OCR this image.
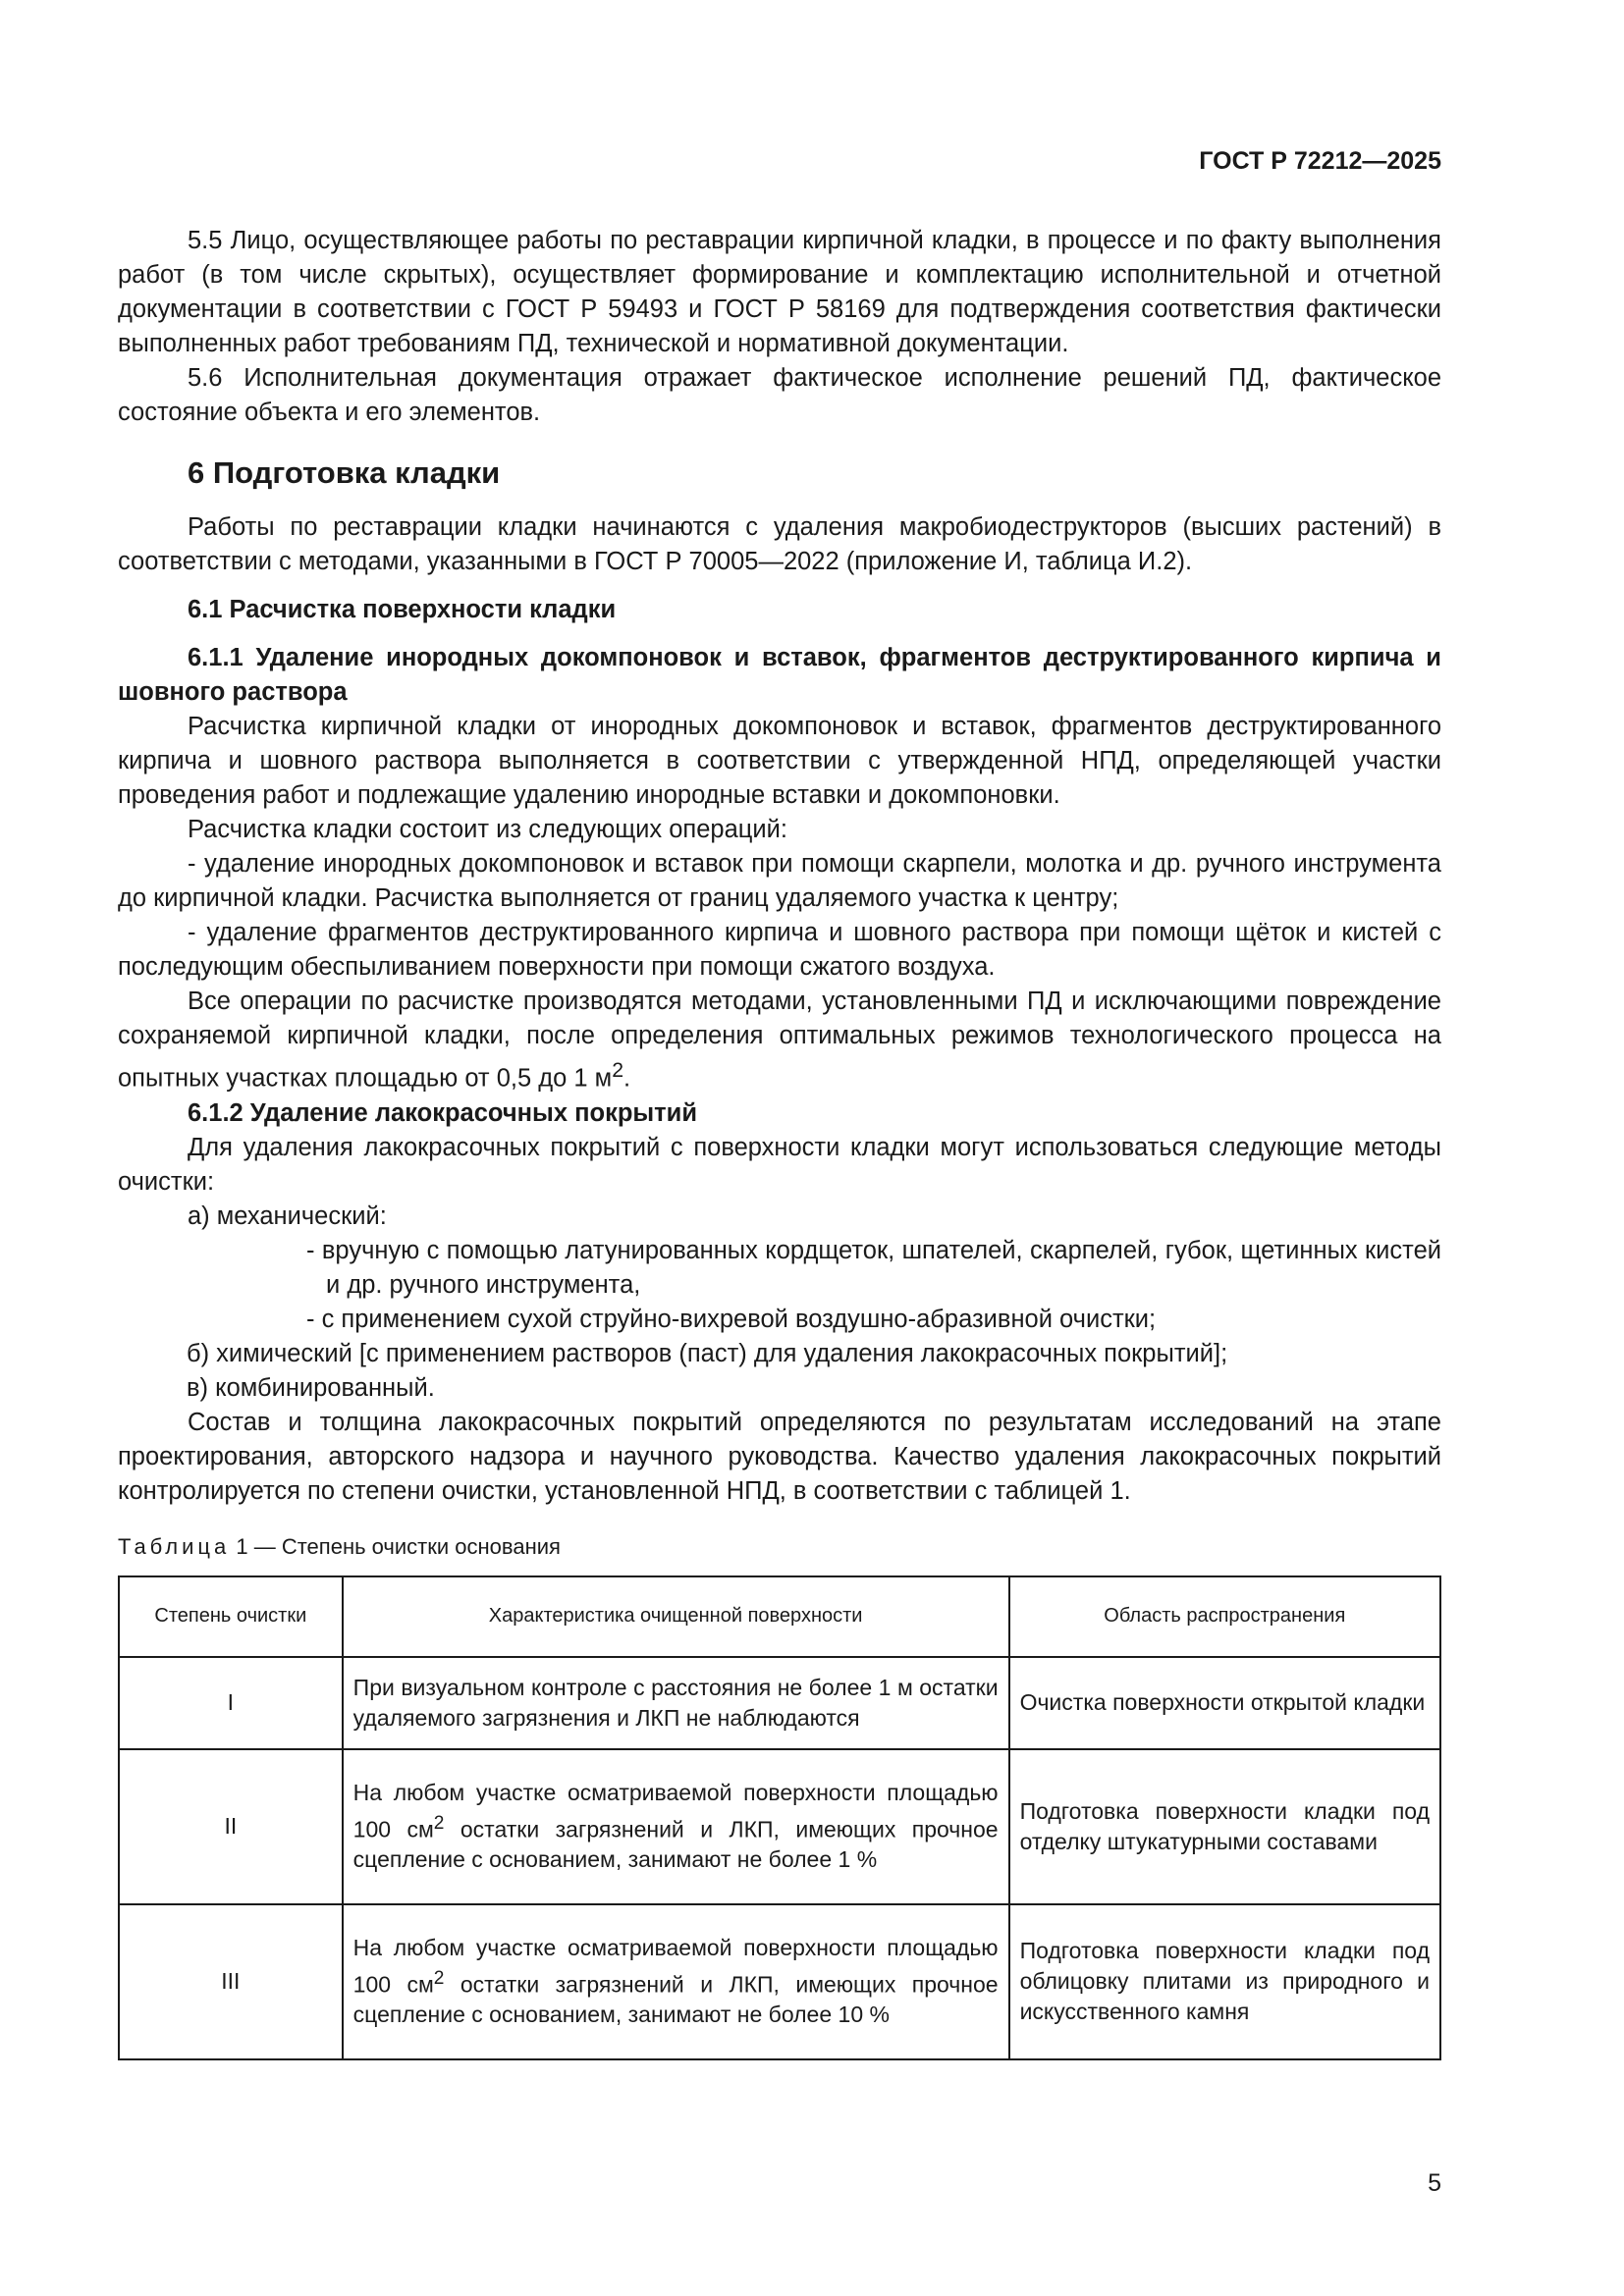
ГОСТ Р 72212—2025

5.5 Лицо, осуществляющее работы по реставрации кирпичной кладки, в процессе и по факту выполнения работ (в том числе скрытых), осуществляет формирование и комплектацию исполнительной и отчетной документации в соответствии с ГОСТ Р 59493 и ГОСТ Р 58169 для подтверждения соответствия фактически выполненных работ требованиям ПД, технической и нормативной документации.

5.6 Исполнительная документация отражает фактическое исполнение решений ПД, фактическое состояние объекта и его элементов.

6 Подготовка кладки

Работы по реставрации кладки начинаются с удаления макробиодеструкторов (высших растений) в соответствии с методами, указанными в ГОСТ Р 70005—2022 (приложение И, таблица И.2).

6.1 Расчистка поверхности кладки

6.1.1 Удаление инородных докомпоновок и вставок, фрагментов деструктированного кирпича и шовного раствора

Расчистка кирпичной кладки от инородных докомпоновок и вставок, фрагментов деструктированного кирпича и шовного раствора выполняется в соответствии с утвержденной НПД, определяющей участки проведения работ и подлежащие удалению инородные вставки и докомпоновки.

Расчистка кладки состоит из следующих операций:

- удаление инородных докомпоновок и вставок при помощи скарпели, молотка и др. ручного инструмента до кирпичной кладки. Расчистка выполняется от границ удаляемого участка к центру;

- удаление фрагментов деструктированного кирпича и шовного раствора при помощи щёток и кистей с последующим обеспыливанием поверхности при помощи сжатого воздуха.

Все операции по расчистке производятся методами, установленными ПД и исключающими повреждение сохраняемой кирпичной кладки, после определения оптимальных режимов технологического процесса на опытных участках площадью от 0,5 до 1 $м^2$.

6.1.2 Удаление лакокрасочных покрытий

Для удаления лакокрасочных покрытий с поверхности кладки могут использоваться следующие методы очистки:

а) механический:

- вручную с помощью латунированных кордщеток, шпателей, скарпелей, губок, щетинных кистей и др. ручного инструмента,

- с применением сухой струйно-вихревой воздушно-абразивной очистки;

б) химический [с применением растворов (паст) для удаления лакокрасочных покрытий];

в) комбинированный.

Состав и толщина лакокрасочных покрытий определяются по результатам исследований на этапе проектирования, авторского надзора и научного руководства. Качество удаления лакокрасочных покрытий контролируется по степени очистки, установленной НПД, в соответствии с таблицей 1.

Таблица 1 — Степень очистки основания

Степень очистки	Характеристика очищенной поверхности	Область распространения
I	При визуальном контроле с расстояния не более 1 м остатки удаляемого загрязнения и ЛКП не наблюдаются	Очистка поверхности открытой кладки
II	На любом участке осматриваемой поверхности площадью 100 $см^2$ остатки загрязнений и ЛКП, имеющих прочное сцепление с основанием, занимают не более 1 %	Подготовка поверхности кладки под отделку штукатурными составами
III	На любом участке осматриваемой поверхности площадью 100 $см^2$ остатки загрязнений и ЛКП, имеющих прочное сцепление с основанием, занимают не более 10 %	Подготовка поверхности кладки под облицовку плитами из природного и искусственного камня
5
